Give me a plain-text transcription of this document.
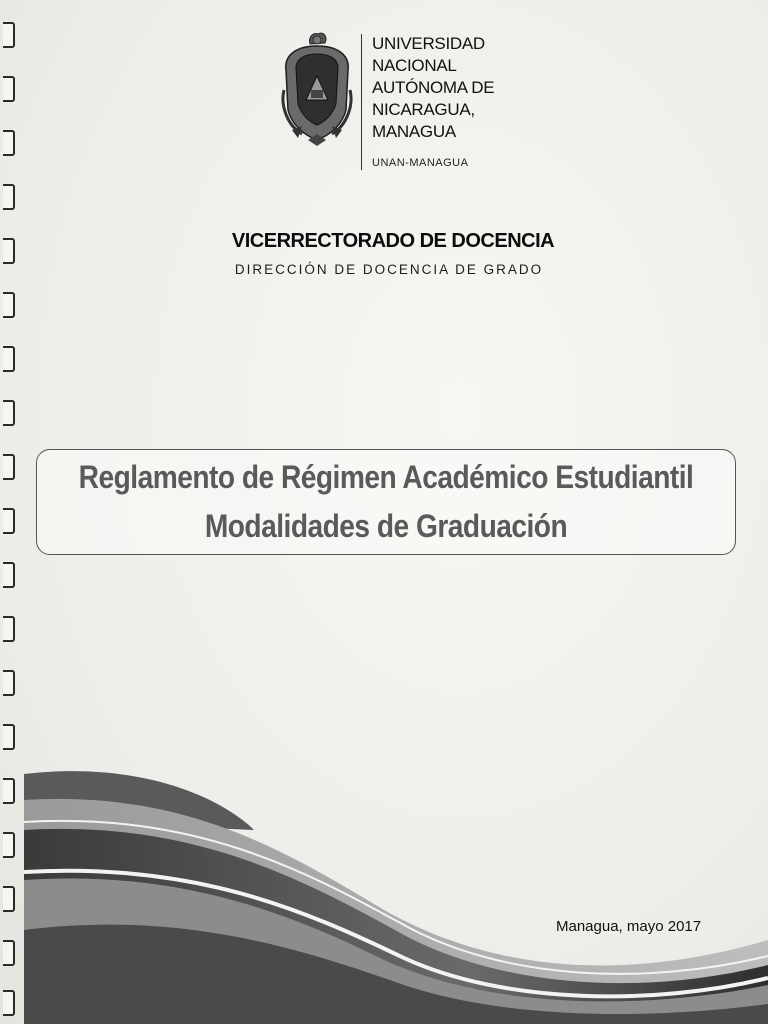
UNIVERSIDAD
NACIONAL
AUTÓNOMA DE
NICARAGUA,
MANAGUA
UNAN-MANAGUA
VICERRECTORADO DE DOCENCIA
DIRECCIÓN DE DOCENCIA DE GRADO
Reglamento de Régimen Académico Estudiantil
Modalidades de Graduación
Managua, mayo 2017
